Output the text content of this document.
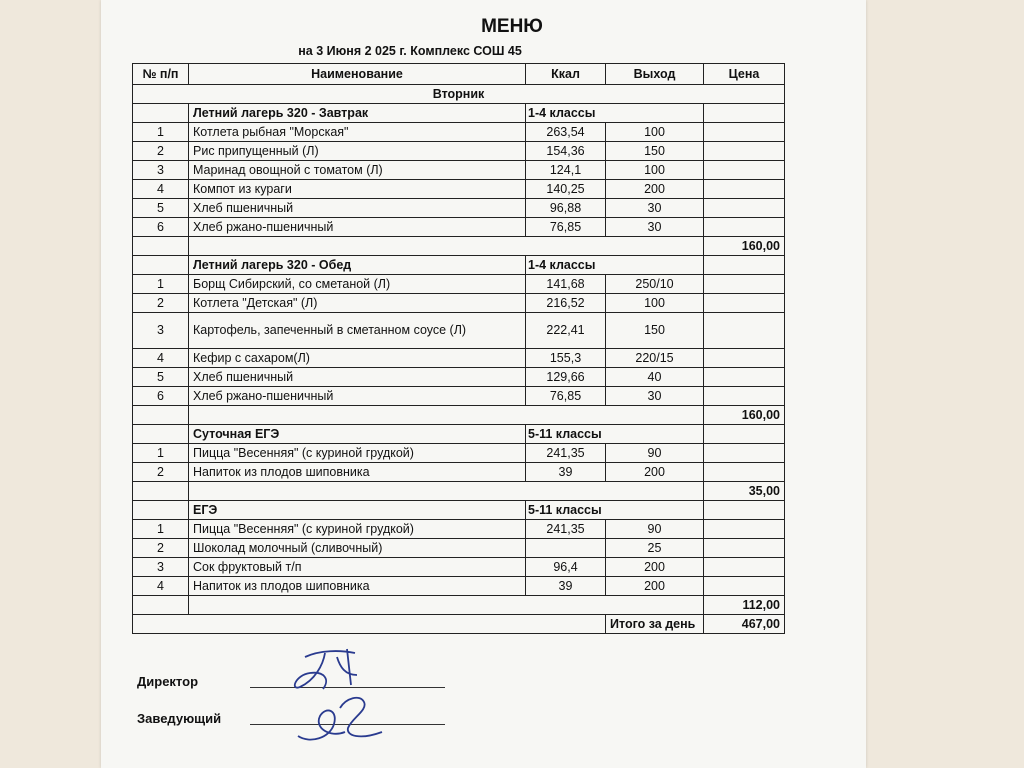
МЕНЮ
на 3 Июня 2 025 г. Комплекс СОШ 45
№ п/п	Наименование	Ккал	Выход	Цена
Вторник				
	Летний лагерь 320 - Завтрак	1-4 классы		
1	Котлета рыбная "Морская"	263,54	100	
2	Рис припущенный (Л)	154,36	150	
3	Маринад овощной с томатом (Л)	124,1	100	
4	Компот из кураги	140,25	200	
5	Хлеб пшеничный	96,88	30	
6	Хлеб ржано-пшеничный	76,85	30	
				160,00
	Летний лагерь 320 - Обед	1-4 классы		
1	Борщ Сибирский, со сметаной (Л)	141,68	250/10	
2	Котлета "Детская" (Л)	216,52	100	
3	Картофель, запеченный в сметанном соусе (Л)	222,41	150	
4	Кефир с сахаром(Л)	155,3	220/15	
5	Хлеб пшеничный	129,66	40	
6	Хлеб ржано-пшеничный	76,85	30	
				160,00
	Суточная ЕГЭ	5-11 классы		
1	Пицца "Весенняя" (с куриной грудкой)	241,35	90	
2	Напиток из плодов шиповника	39	200	
				35,00
	ЕГЭ	5-11 классы		
1	Пицца "Весенняя" (с куриной грудкой)	241,35	90	
2	Шоколад молочный (сливочный)		25	
3	Сок фруктовый т/п	96,4	200	
4	Напиток из плодов шиповника	39	200	
				112,00
			Итого за день	467,00
Директор
Заведующий
